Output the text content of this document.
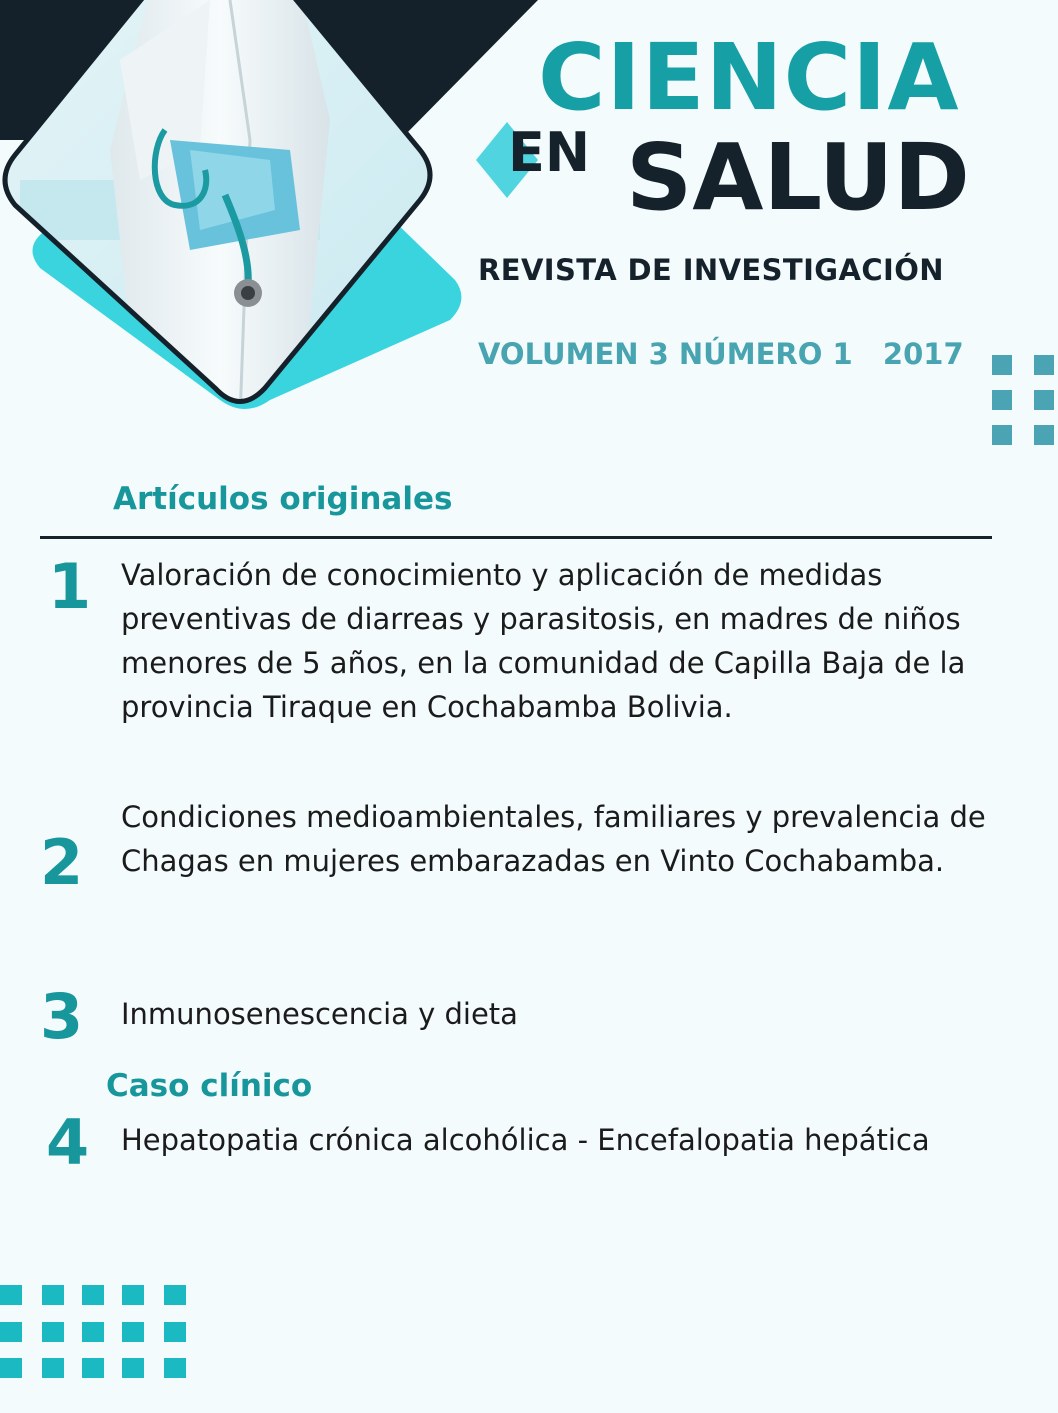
CIENCIA
EN SALUD
REVISTA DE INVESTIGACIÓN
VOLUMEN 3 NÚMERO 1   2017
Artículos originales
1 Valoración de conocimiento y aplicación de medidas preventivas de diarreas y parasitosis, en madres de niños menores de 5 años, en la comunidad de Capilla Baja de la provincia Tiraque en Cochabamba Bolivia.
2
Condiciones medioambientales, familiares y prevalencia de Chagas en mujeres embarazadas en Vinto Cochabamba.
3 Inmunosenescencia y dieta
Caso clínico
4 Hepatopatia crónica alcohólica - Encefalopatia hepática
